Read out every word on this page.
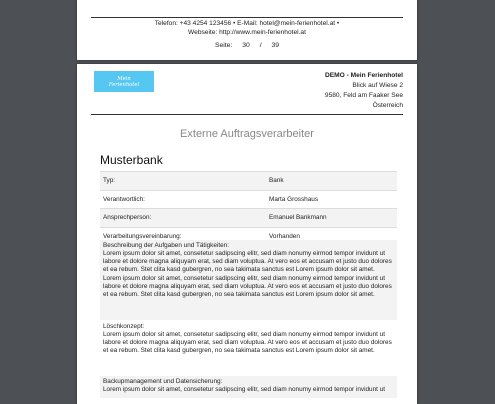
Telefon: +43 4254 123456 • E-Mail: hotel@mein-ferienhotel.at •
Webseite: http://www.mein-ferienhotel.at
Seite: 30 / 39
Mein
Ferienhotel
DEMO - Mein Ferienhotel
Blick auf Wiese 2
9580, Feld am Faaker See
Österreich
Externe Auftragsverarbeiter
Musterbank
Typ:	Bank
Verantwortlich:	Marta Grosshaus
Ansprechperson:	Emanuel Bankmann
Verarbeitungsvereinbarung:	Vorhanden
Beschreibung der Aufgaben und Tätigkeiten:
Lorem ipsum dolor sit amet, consetetur sadipscing elitr, sed diam nonumy eirmod tempor invidunt ut labore et dolore magna aliquyam erat, sed diam voluptua. At vero eos et accusam et justo duo dolores et ea rebum. Stet clita kasd gubergren, no sea takimata sanctus est Lorem ipsum dolor sit amet. Lorem ipsum dolor sit amet, consetetur sadipscing elitr, sed diam nonumy eirmod tempor invidunt ut labore et dolore magna aliquyam erat, sed diam voluptua. At vero eos et accusam et justo duo dolores et ea rebum. Stet clita kasd gubergren, no sea takimata sanctus est Lorem ipsum dolor sit amet.
Löschkonzept:
Lorem ipsum dolor sit amet, consetetur sadipscing elitr, sed diam nonumy eirmod tempor invidunt ut labore et dolore magna aliquyam erat, sed diam voluptua. At vero eos et accusam et justo duo dolores et ea rebum. Stet clita kasd gubergren, no sea takimata sanctus est Lorem ipsum dolor sit amet.
Backupmanagement und Datensicherung:
Lorem ipsum dolor sit amet, consetetur sadipscing elitr, sed diam nonumy eirmod tempor invidunt ut
